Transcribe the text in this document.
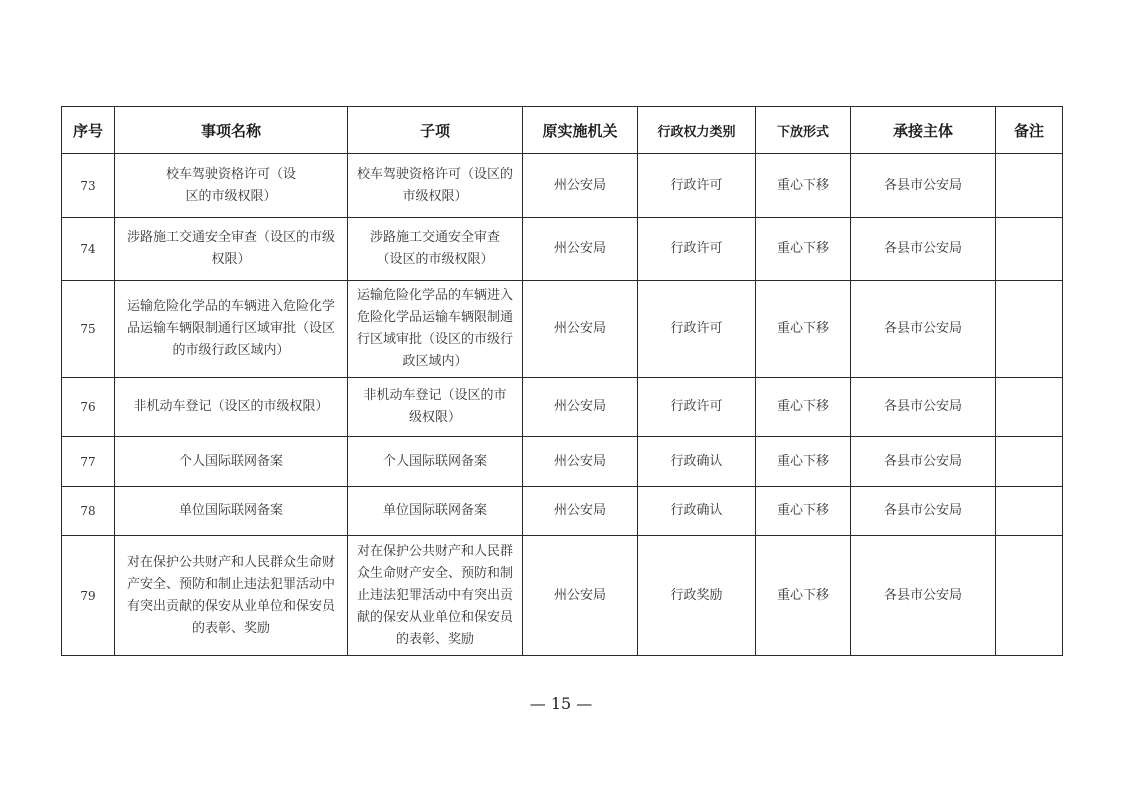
序号	事项名称	子项	原实施机关	行政权力类别	下放形式	承接主体	备注
73	校车驾驶资格许可（设区的市级权限）	校车驾驶资格许可（设区的市级权限）	州公安局	行政许可	重心下移	各县市公安局	
74	涉路施工交通安全审查（设区的市级权限）	涉路施工交通安全审查（设区的市级权限）	州公安局	行政许可	重心下移	各县市公安局	
75	运输危险化学品的车辆进入危险化学品运输车辆限制通行区域审批（设区的市级行政区域内）	运输危险化学品的车辆进入危险化学品运输车辆限制通行区域审批（设区的市级行政区域内）	州公安局	行政许可	重心下移	各县市公安局	
76	非机动车登记（设区的市级权限）	非机动车登记（设区的市级权限）	州公安局	行政许可	重心下移	各县市公安局	
77	个人国际联网备案	个人国际联网备案	州公安局	行政确认	重心下移	各县市公安局	
78	单位国际联网备案	单位国际联网备案	州公安局	行政确认	重心下移	各县市公安局	
79	对在保护公共财产和人民群众生命财产安全、预防和制止违法犯罪活动中有突出贡献的保安从业单位和保安员的表彰、奖励	对在保护公共财产和人民群众生命财产安全、预防和制止违法犯罪活动中有突出贡献的保安从业单位和保安员的表彰、奖励	州公安局	行政奖励	重心下移	各县市公安局	
— 15 —
